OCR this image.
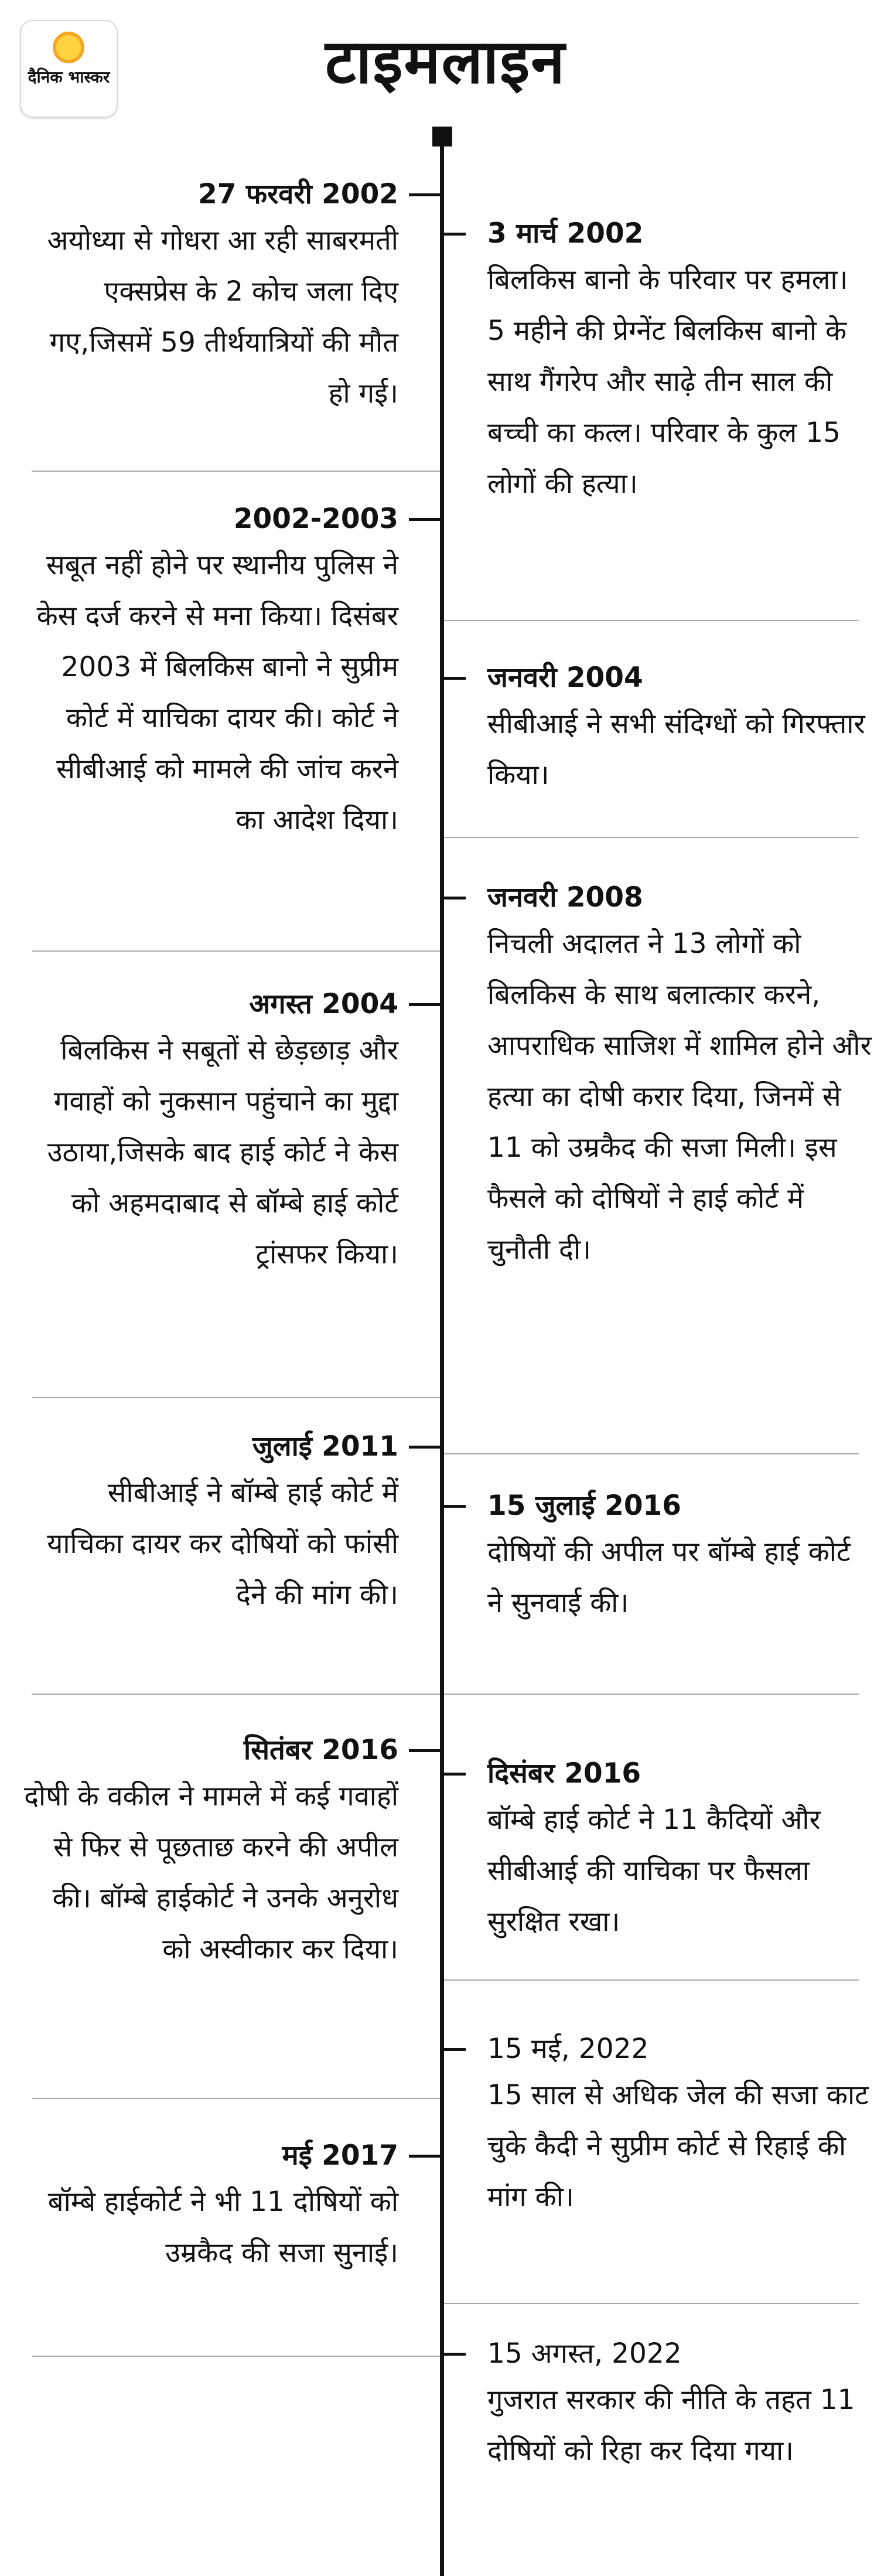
दैनिक भास्कर	टाइमलाइन
27 फरवरी 2002
अयोध्या से गोधरा आ रही साबरमती एक्सप्रेस के 2 कोच जला दिए गए,जिसमें 59 तीर्थयात्रियों की मौत हो गई।
2002-2003
सबूत नहीं होने पर स्थानीय पुलिस ने केस दर्ज करने से मना किया। दिसंबर 2003 में बिलकिस बानो ने सुप्रीम कोर्ट में याचिका दायर की। कोर्ट ने सीबीआई को मामले की जांच करने का आदेश दिया।
अगस्त 2004
बिलकिस ने सबूतों से छेड़छाड़ और गवाहों को नुकसान पहुंचाने का मुद्दा उठाया,जिसके बाद हाई कोर्ट ने केस को अहमदाबाद से बॉम्बे हाई कोर्ट ट्रांसफर किया।
जुलाई 2011
सीबीआई ने बॉम्बे हाई कोर्ट में याचिका दायर कर दोषियों को फांसी देने की मांग की।
सितंबर 2016
दोषी के वकील ने मामले में कई गवाहों से फिर से पूछताछ करने की अपील की। बॉम्बे हाईकोर्ट ने उनके अनुरोध को अस्वीकार कर दिया।
मई 2017
बॉम्बे हाईकोर्ट ने भी 11 दोषियों को उम्रकैद की सजा सुनाई।
3 मार्च 2002
बिलकिस बानो के परिवार पर हमला। 5 महीने की प्रेग्नेंट बिलकिस बानो के साथ गैंगरेप और साढ़े तीन साल की बच्ची का कत्ल। परिवार के कुल 15 लोगों की हत्या।
जनवरी 2004
सीबीआई ने सभी संदिग्धों को गिरफ्तार किया।
जनवरी 2008
निचली अदालत ने 13 लोगों को बिलकिस के साथ बलात्कार करने, आपराधिक साजिश में शामिल होने और हत्या का दोषी करार दिया, जिनमें से 11 को उम्रकैद की सजा मिली। इस फैसले को दोषियों ने हाई कोर्ट में चुनौती दी।
15 जुलाई 2016
दोषियों की अपील पर बॉम्बे हाई कोर्ट ने सुनवाई की।
दिसंबर 2016
बॉम्बे हाई कोर्ट ने 11 कैदियों और सीबीआई की याचिका पर फैसला सुरक्षित रखा।
15 मई, 2022
15 साल से अधिक जेल की सजा काट चुके कैदी ने सुप्रीम कोर्ट से रिहाई की मांग की।
15 अगस्त, 2022
गुजरात सरकार की नीति के तहत 11 दोषियों को रिहा कर दिया गया।
